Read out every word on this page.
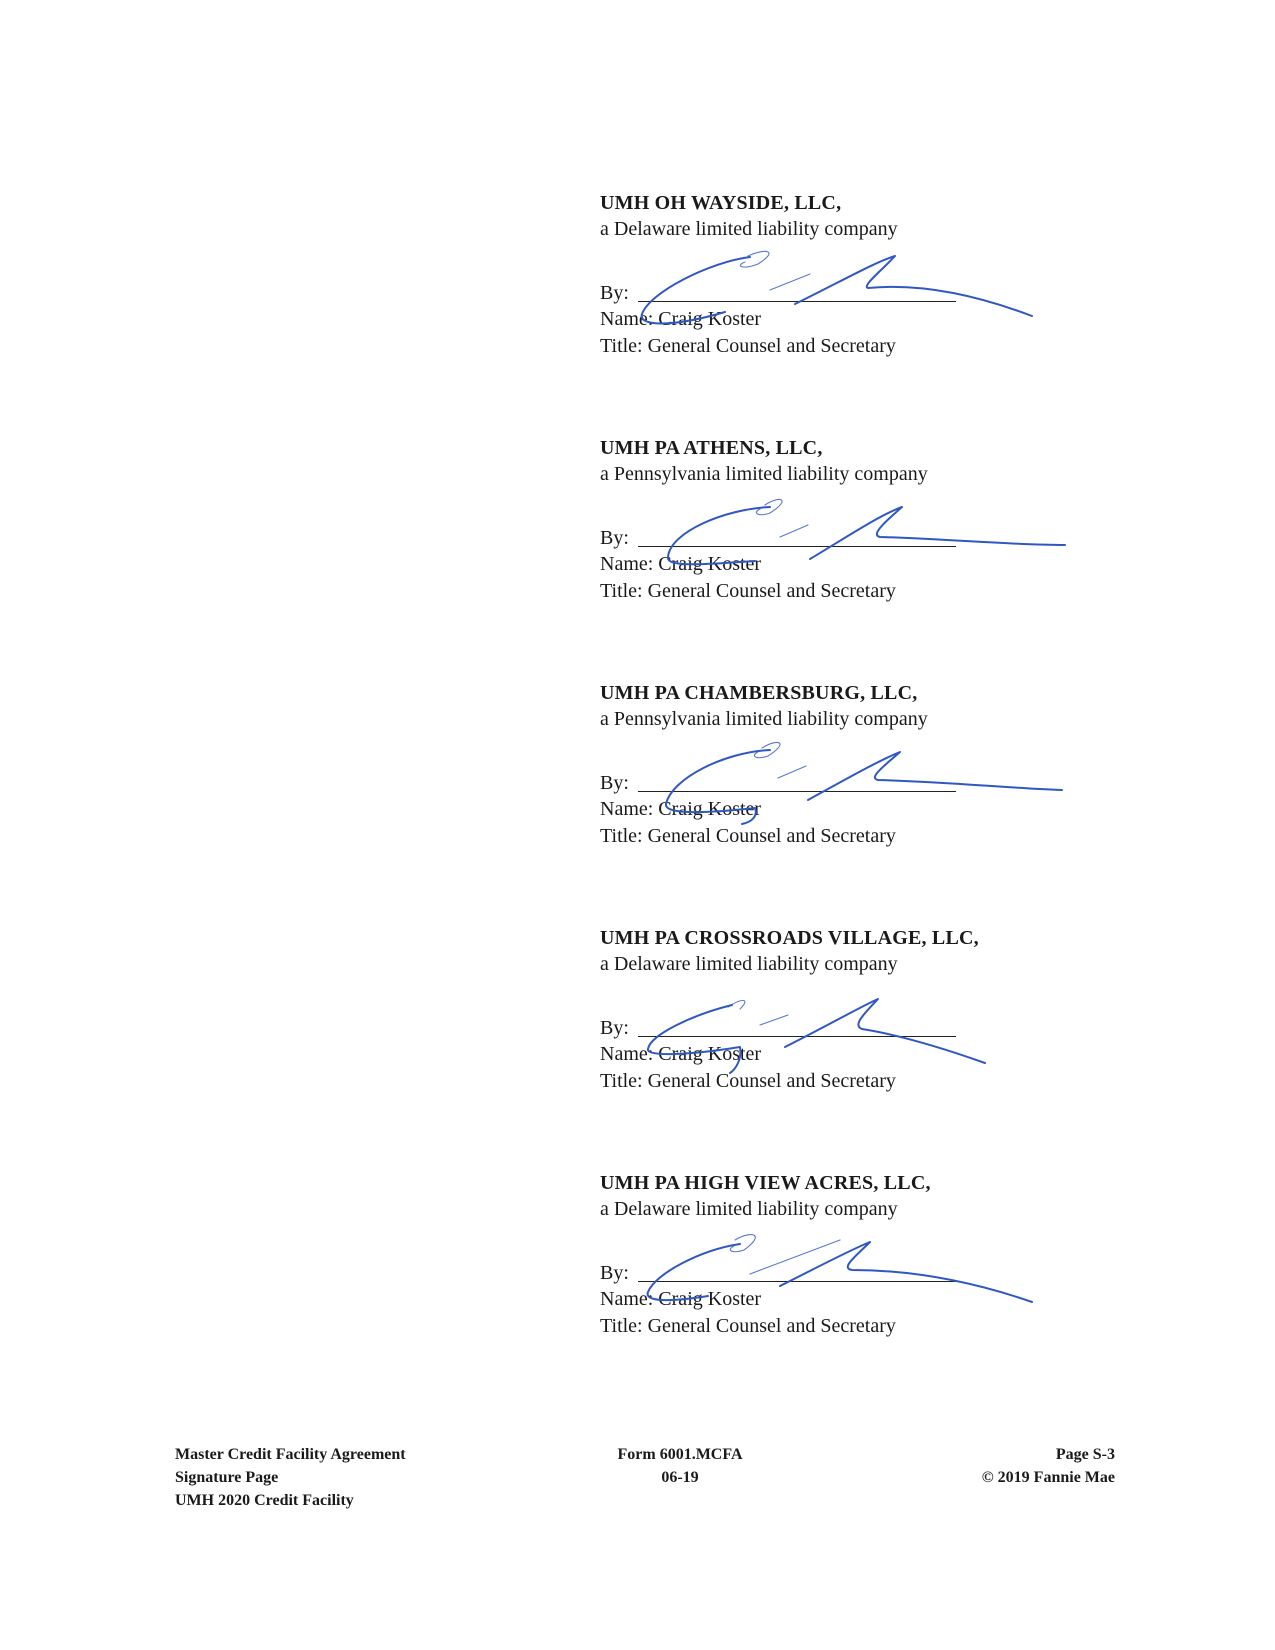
UMH OH WAYSIDE, LLC,
a Delaware limited liability company
By:
Name: Craig Koster
Title: General Counsel and Secretary
UMH PA ATHENS, LLC,
a Pennsylvania limited liability company
By:
Name: Craig Koster
Title: General Counsel and Secretary
UMH PA CHAMBERSBURG, LLC,
a Pennsylvania limited liability company
By:
Name: Craig Koster
Title: General Counsel and Secretary
UMH PA CROSSROADS VILLAGE, LLC,
a Delaware limited liability company
By:
Name: Craig Koster
Title: General Counsel and Secretary
UMH PA HIGH VIEW ACRES, LLC,
a Delaware limited liability company
By:
Name: Craig Koster
Title: General Counsel and Secretary
Master Credit Facility Agreement
Signature Page
UMH 2020 Credit Facility
Form 6001.MCFA
06-19
Page S-3
© 2019 Fannie Mae
